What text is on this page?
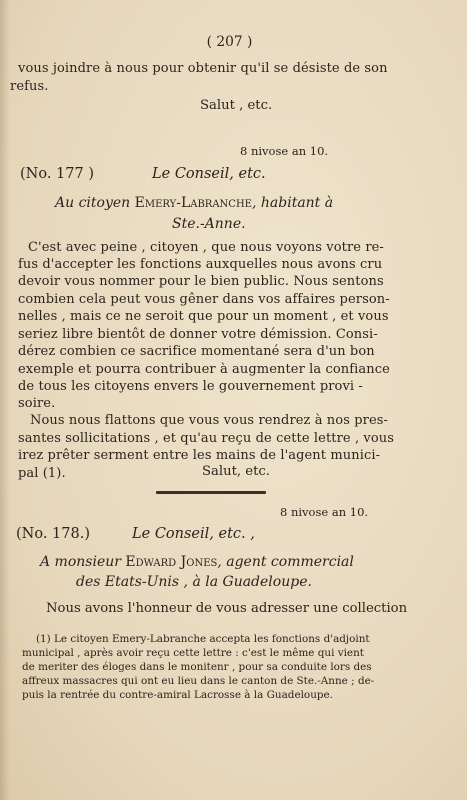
( 207 )
vous joindre à nous pour obtenir qu'il se désiste de son
refus.
Salut , etc.
8 nivose an 10.
(No. 177 )	Le Conseil, etc.
Au citoyen Emery-Labranche, habitant à
Ste.-Anne.
C'est avec peine , citoyen , que nous voyons votre re-
fus d'accepter les fonctions auxquelles nous avons cru
devoir vous nommer pour le bien public. Nous sentons
combien cela peut vous gêner dans vos affaires person-
nelles , mais ce ne seroit que pour un moment , et vous
seriez libre bientôt de donner votre démission. Consi-
dérez combien ce sacrifice momentané sera d'un bon
exemple et pourra contribuer à augmenter la confiance
de tous les citoyens envers le gouvernement provi -
soire.
Nous nous flattons que vous vous rendrez à nos pres-
santes sollicitations , et qu'au reçu de cette lettre , vous
irez prêter serment entre les mains de l'agent munici-
pal (1).	Salut, etc.
8 nivose an 10.
(No. 178.)	Le Conseil, etc. ,
A monsieur Edward Jones, agent commercial
des Etats-Unis , à la Guadeloupe.
Nous avons l'honneur de vous adresser une collection
(1) Le citoyen Emery-Labranche accepta les fonctions d'adjoint
municipal , après avoir reçu cette lettre : c'est le même qui vient
de meriter des éloges dans le monitenr , pour sa conduite lors des
affreux massacres qui ont eu lieu dans le canton de Ste.-Anne ; de-
puis la rentrée du contre-amiral Lacrosse à la Guadeloupe.
